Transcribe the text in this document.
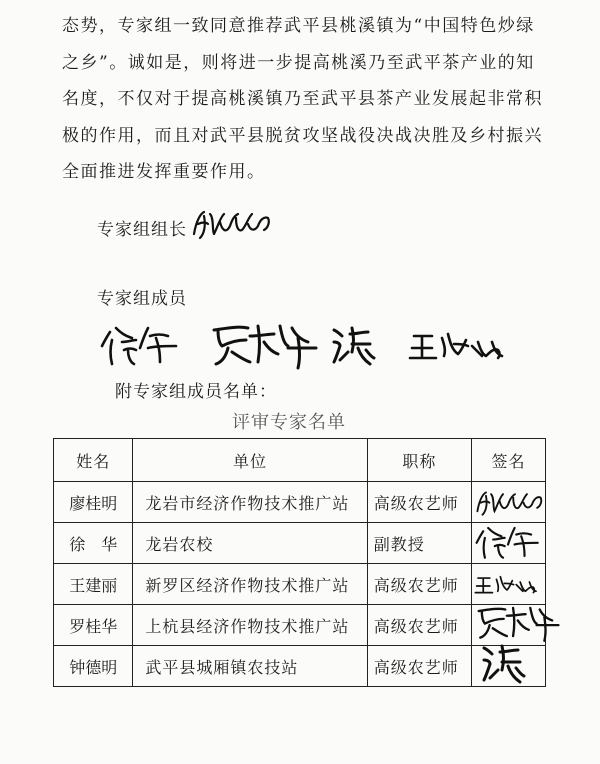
态势，专家组一致同意推荐武平县桃溪镇为“中国特色炒绿
之乡”。诚如是，则将进一步提高桃溪乃至武平茶产业的知
名度，不仅对于提高桃溪镇乃至武平县茶产业发展起非常积
极的作用，而且对武平县脱贫攻坚战役决战决胜及乡村振兴
全面推进发挥重要作用。

专家组组长

专家组成员

附专家组成员名单：

评审专家名单

姓名	单位	职称	签名
廖桂明	龙岩市经济作物技术推广站	高级农艺师	

徐　华	龙岩农校	副教授	

王建丽	新罗区经济作物技术推广站	高级农艺师	

罗桂华	上杭县经济作物技术推广站	高级农艺师	

钟德明	武平县城厢镇农技站	高级农艺师	
